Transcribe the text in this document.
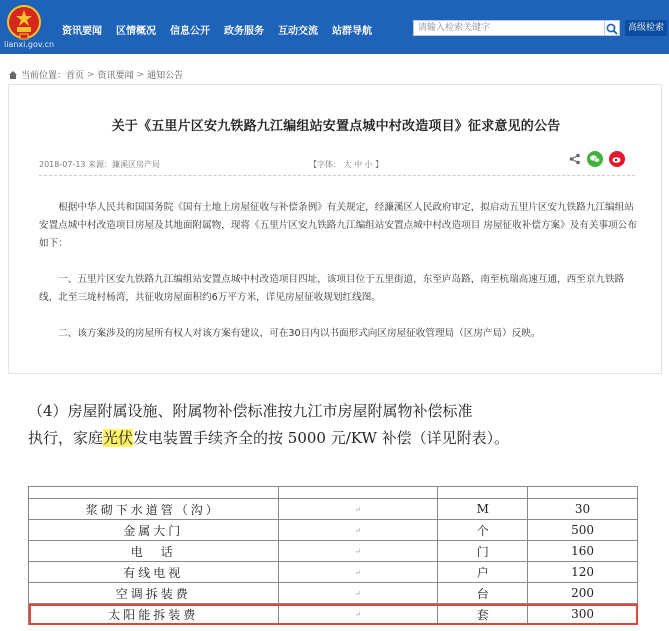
lianxi.gov.cn
资讯要闻 区情概况 信息公开 政务服务 互动交流 站群导航	请输入检索关键字	高级检索
当前位置： 首页 > 资讯要闻 > 通知公告
关于《五里片区安九铁路九江编组站安置点城中村改造项目》征求意见的公告
2018-07-13 来源：濂溪区房产局	【字体： 大 中 小 】
根据中华人民共和国国务院《国有土地上房屋征收与补偿条例》有关规定，经濂溪区人民政府审定，拟启动五里片区安九铁路九江编组站安置点城中村改造项目房屋及其地面附属物，现将《五里片区安九铁路九江编组站安置点城中村改造项目 房屋征收补偿方案》及有关事项公布如下：
一、五里片区安九铁路九江编组站安置点城中村改造项目四址，该项目位于五里街道，东至庐岛路，南至杭瑞高速互通，西至京九铁路线，北至三垅村杨湾，共征收房屋面积约6万平方米，详见房屋征收规划红线图。
二、该方案涉及的房屋所有权人对该方案有建议，可在30日内以书面形式向区房屋征收管理局（区房产局）反映。
（4）房屋附属设施、附属物补偿标准按九江市房屋附属物补偿标准
执行，家庭光伏发电装置手续齐全的按 5000 元/KW 补偿（详见附表）。

浆砌下水道管（沟）	↵	M	30
金属大门	↵	个	500
电　话	↵	门	160
有线电视	↵	户	120
空调拆装费	↵	台	200
太阳能拆装费	↵	套	300
